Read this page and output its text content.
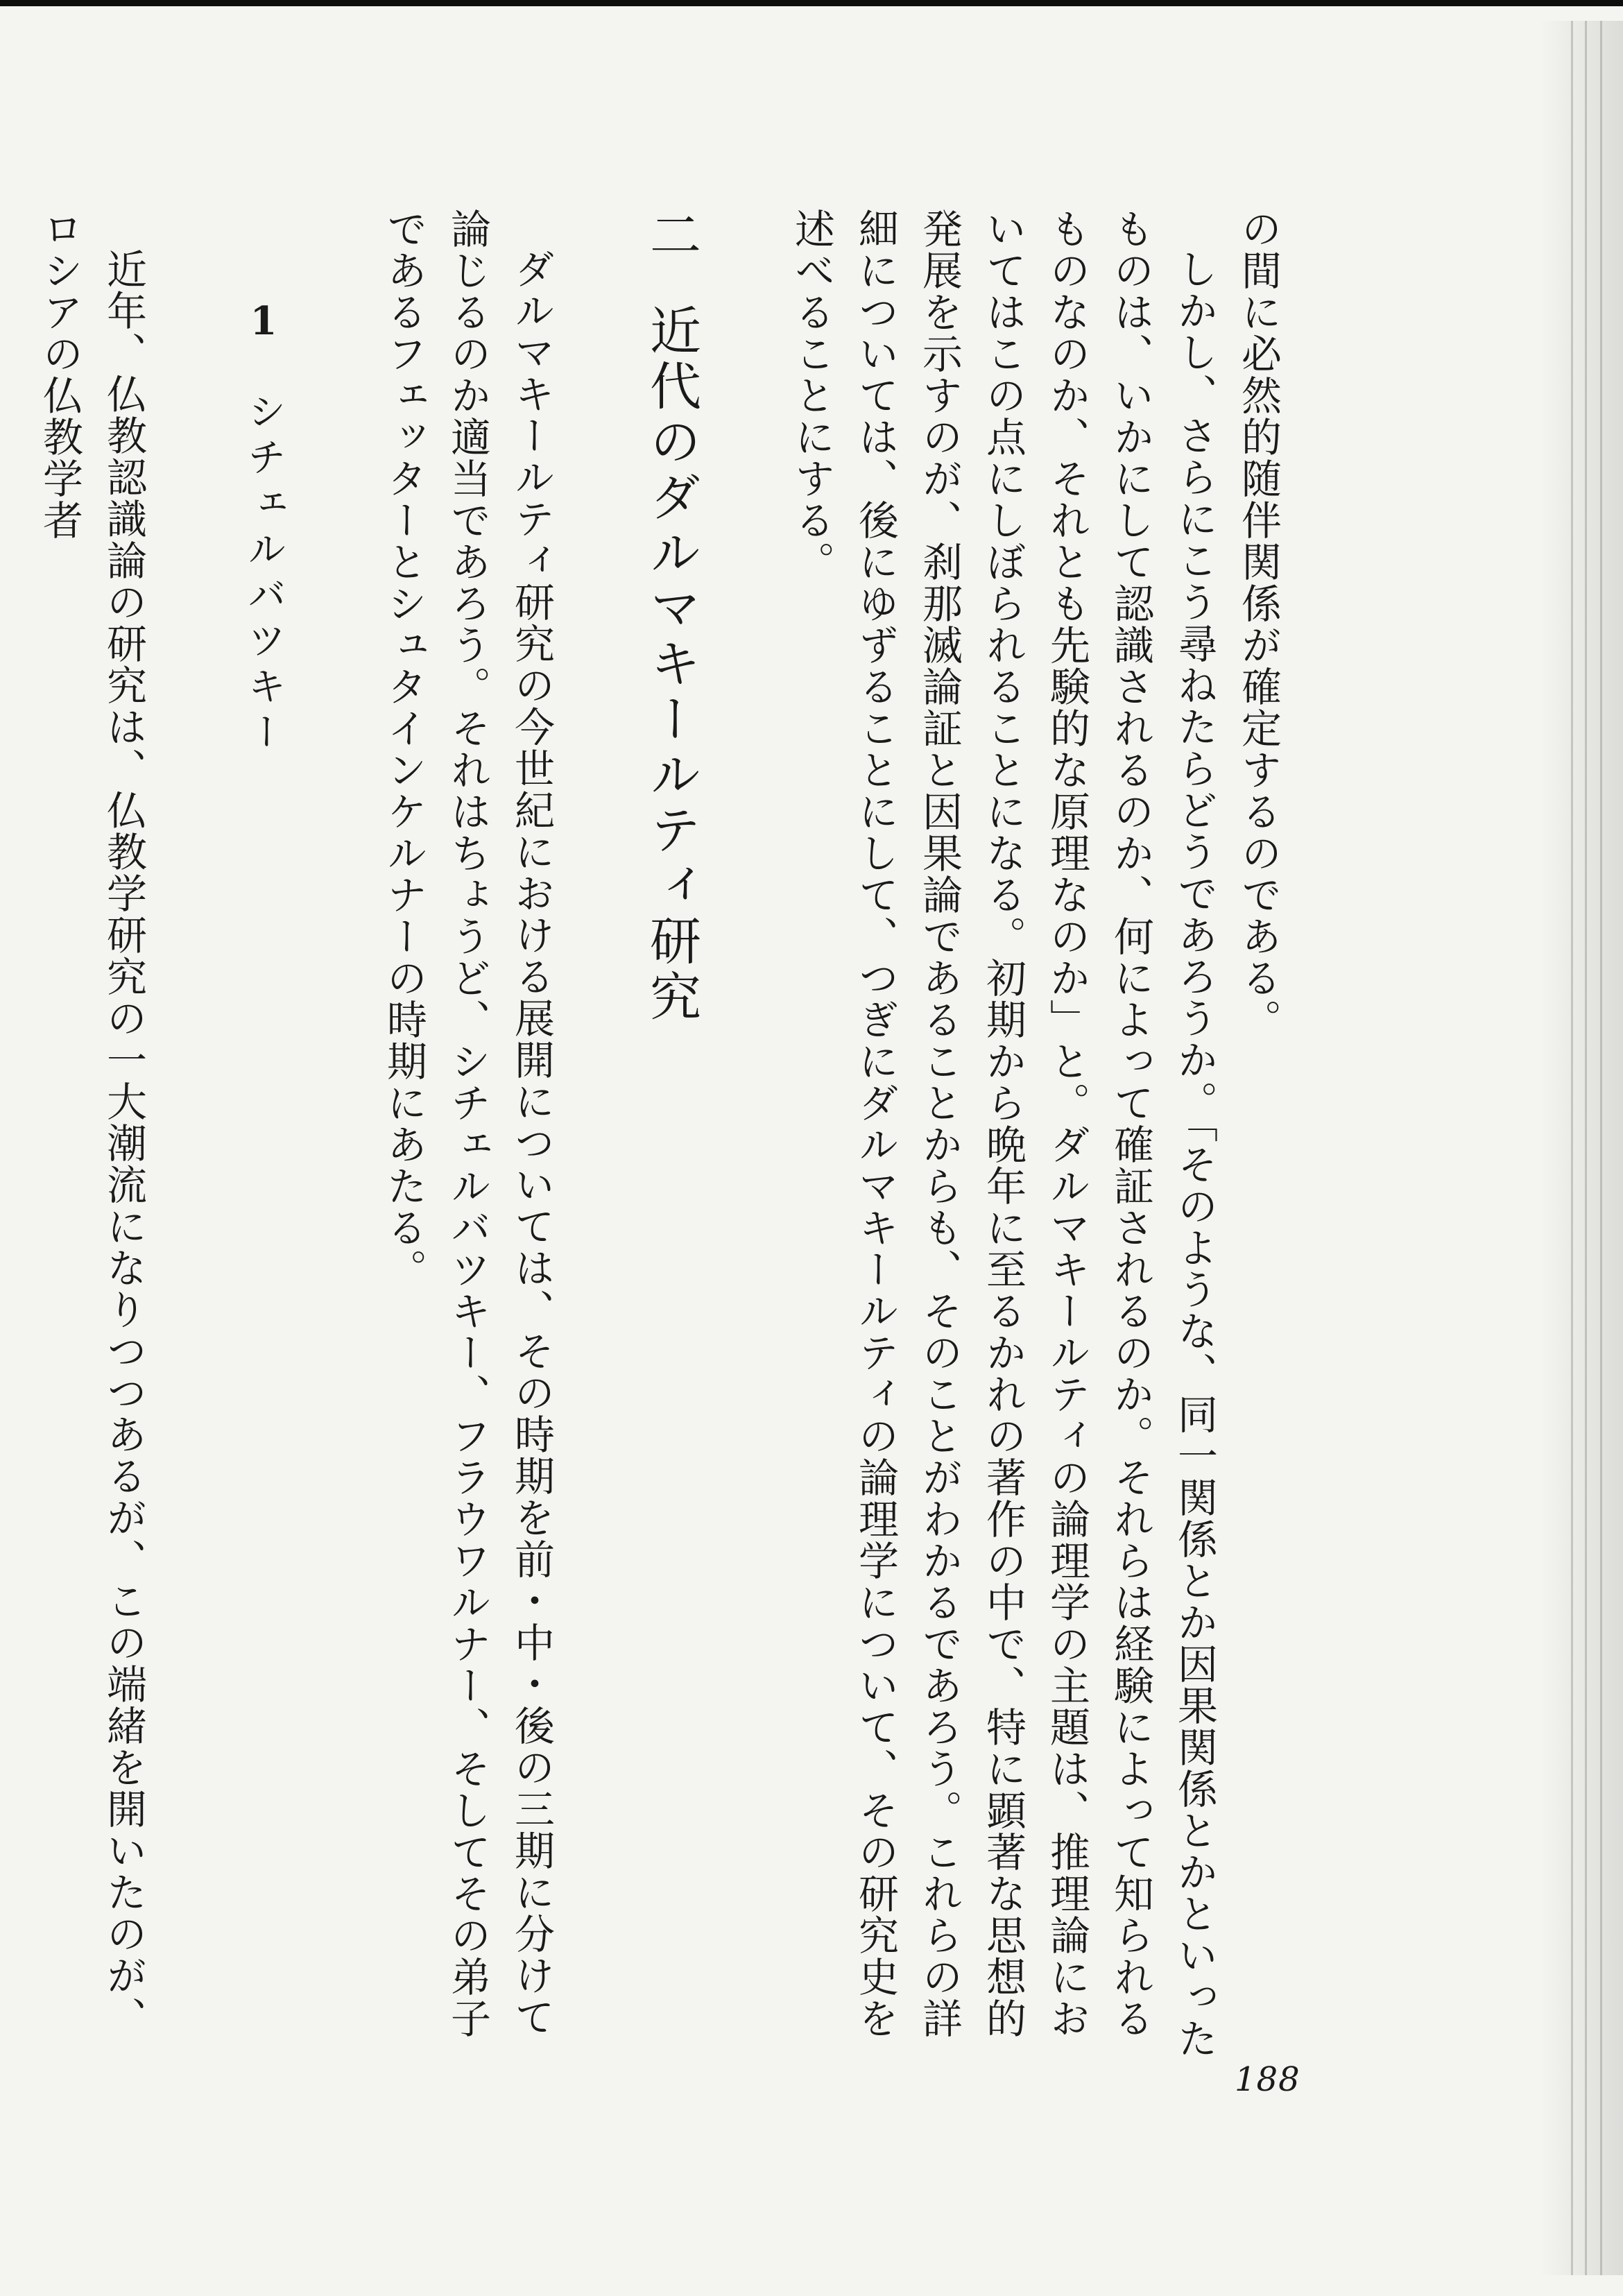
の間に必然的随伴関係が確定するのである。

しかし、さらにこう尋ねたらどうであろうか。「そのような、同一関係とか因果関係とかといったものは、いかにして認識されるのか、何によって確証されるのか。それらは経験によって知られるものなのか、それとも先験的な原理なのか」と。ダルマキールティの論理学の主題は、推理論においてはこの点にしぼられることになる。初期から晩年に至るかれの著作の中で、特に顕著な思想的発展を示すのが、刹那滅論証と因果論であることからも、そのことがわかるであろう。これらの詳細については、後にゆずることにして、つぎにダルマキールティの論理学について、その研究史を述べることにする。

二近代のダルマキールティ研究

ダルマキールティ研究の今世紀における展開については、その時期を前・中・後の三期に分けて論じるのか適当であろう。それはちょうど、シチェルバツキー、フラウワルナー、そしてその弟子であるフェッターとシュタインケルナーの時期にあたる。

1シチェルバツキー

近年、仏教認識論の研究は、仏教学研究の一大潮流になりつつあるが、この端緒を開いたのが、ロシアの仏教学者

188
